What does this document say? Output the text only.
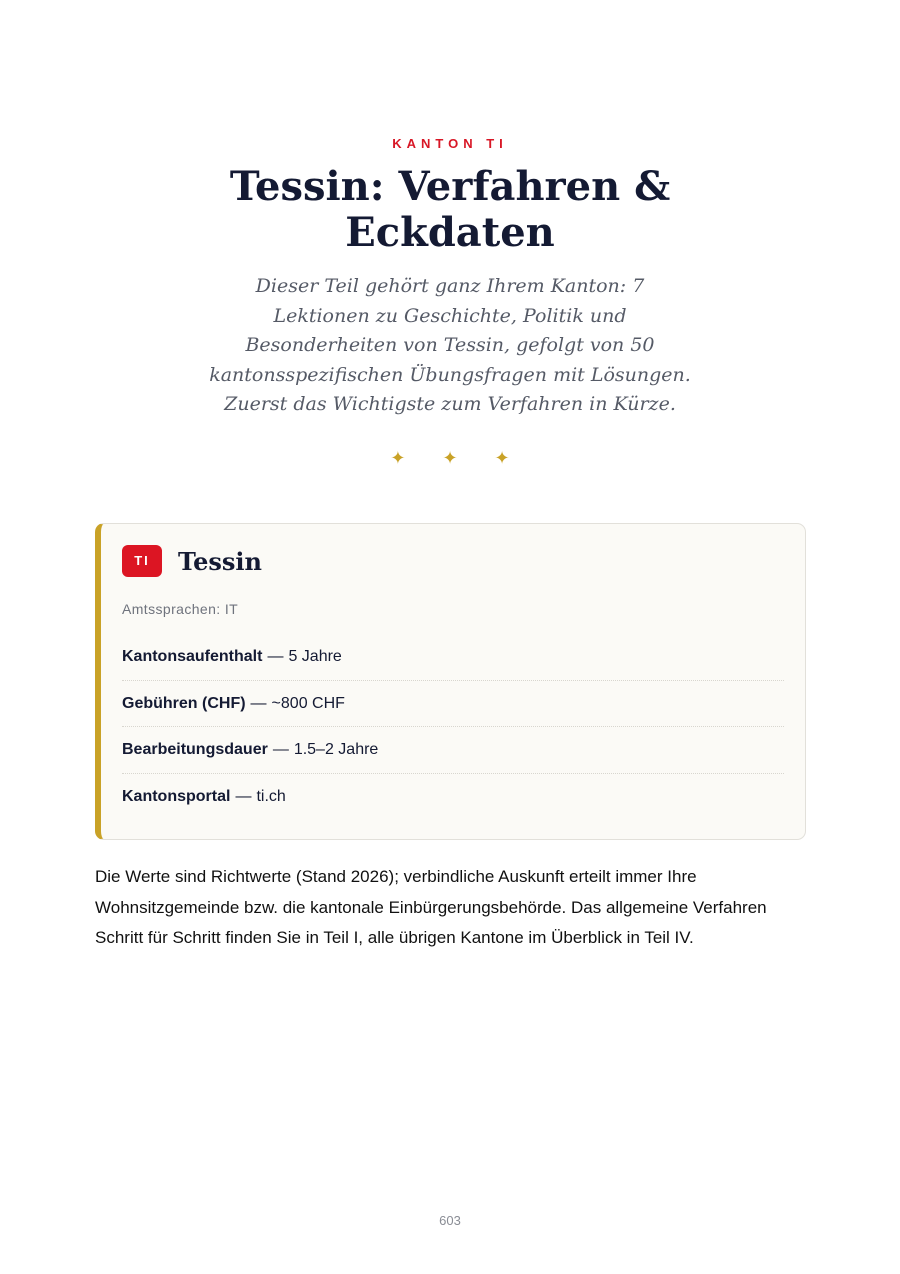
KANTON TI
Tessin: Verfahren & Eckdaten

Dieser Teil gehört ganz Ihrem Kanton: 7 Lektionen zu Geschichte, Politik und Besonderheiten von Tessin, gefolgt von 50 kantonsspezifischen Übungsfragen mit Lösungen. Zuerst das Wichtigste zum Verfahren in Kürze.

✦ ✦ ✦
TI	Tessin
Amtssprachen: IT
Kantonsaufenthalt — 5 Jahre
Gebühren (CHF) — ~800 CHF
Bearbeitungsdauer — 1.5–2 Jahre
Kantonsportal — ti.ch

Die Werte sind Richtwerte (Stand 2026); verbindliche Auskunft erteilt immer Ihre Wohnsitzgemeinde bzw. die kantonale Einbürgerungsbehörde. Das allgemeine Verfahren Schritt für Schritt finden Sie in Teil I, alle übrigen Kantone im Überblick in Teil IV.

603
